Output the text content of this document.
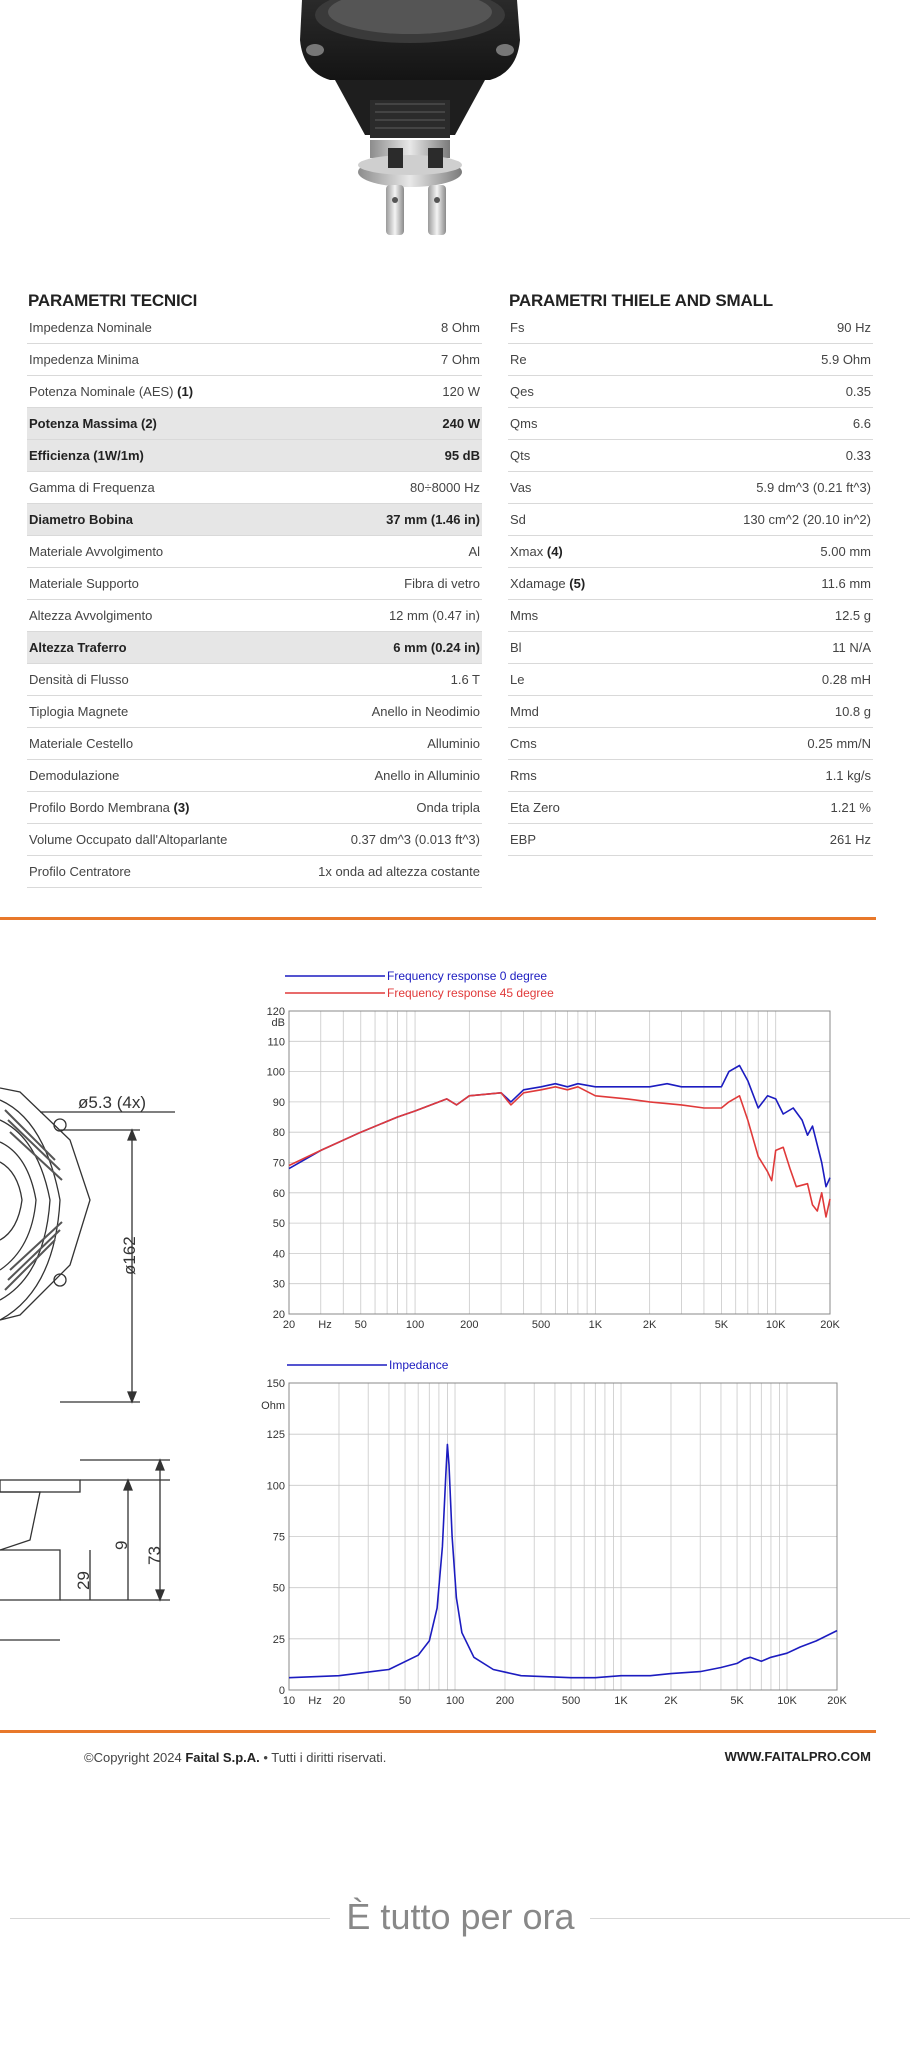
PARAMETRI TECNICI	PARAMETRI THIELE AND SMALL
Impedenza Nominale	8 Ohm
Impedenza Minima	7 Ohm
Potenza Nominale (AES) (1)	120 W
Potenza Massima (2)	240 W
Efficienza (1W/1m)	95 dB
Gamma di Frequenza	80÷8000 Hz
Diametro Bobina	37 mm (1.46 in)
Materiale Avvolgimento	Al
Materiale Supporto	Fibra di vetro
Altezza Avvolgimento	12 mm (0.47 in)
Altezza Traferro	6 mm (0.24 in)
Densità di Flusso	1.6 T
Tiplogia Magnete	Anello in Neodimio
Materiale Cestello	Alluminio
Demodulazione	Anello in Alluminio
Profilo Bordo Membrana (3)	Onda tripla
Volume Occupato dall'Altoparlante	0.37 dm^3 (0.013 ft^3)
Profilo Centratore	1x onda ad altezza costante
Fs	90 Hz
Re	5.9 Ohm
Qes	0.35
Qms	6.6
Qts	0.33
Vas	5.9 dm^3 (0.21 ft^3)
Sd	130 cm^2 (20.10 in^2)
Xmax (4)	5.00 mm
Xdamage (5)	11.6 mm
Mms	12.5 g
Bl	11 N/A
Le	0.28 mH
Mmd	10.8 g
Cms	0.25 mm/N
Rms	1.1 kg/s
Eta Zero	1.21 %
EBP	261 Hz
ø5.3 (4x)
ø162
9
73
29
Frequency response 0 degree
Frequency response 45 degree
20
30
40
50
60
70
80
90
100
110
120
dB
20	50	100	200	500	1K	2K	5K	10K	20K
Hz
Impedance
0
25
50
75
100
125
150
Ohm
10	20	50	100	200	500	1K	2K	5K	10K	20K
Hz
©Copyright 2024 Faital S.p.A. • Tutti i diritti riservati.	WWW.FAITALPRO.COM
È tutto per ora
